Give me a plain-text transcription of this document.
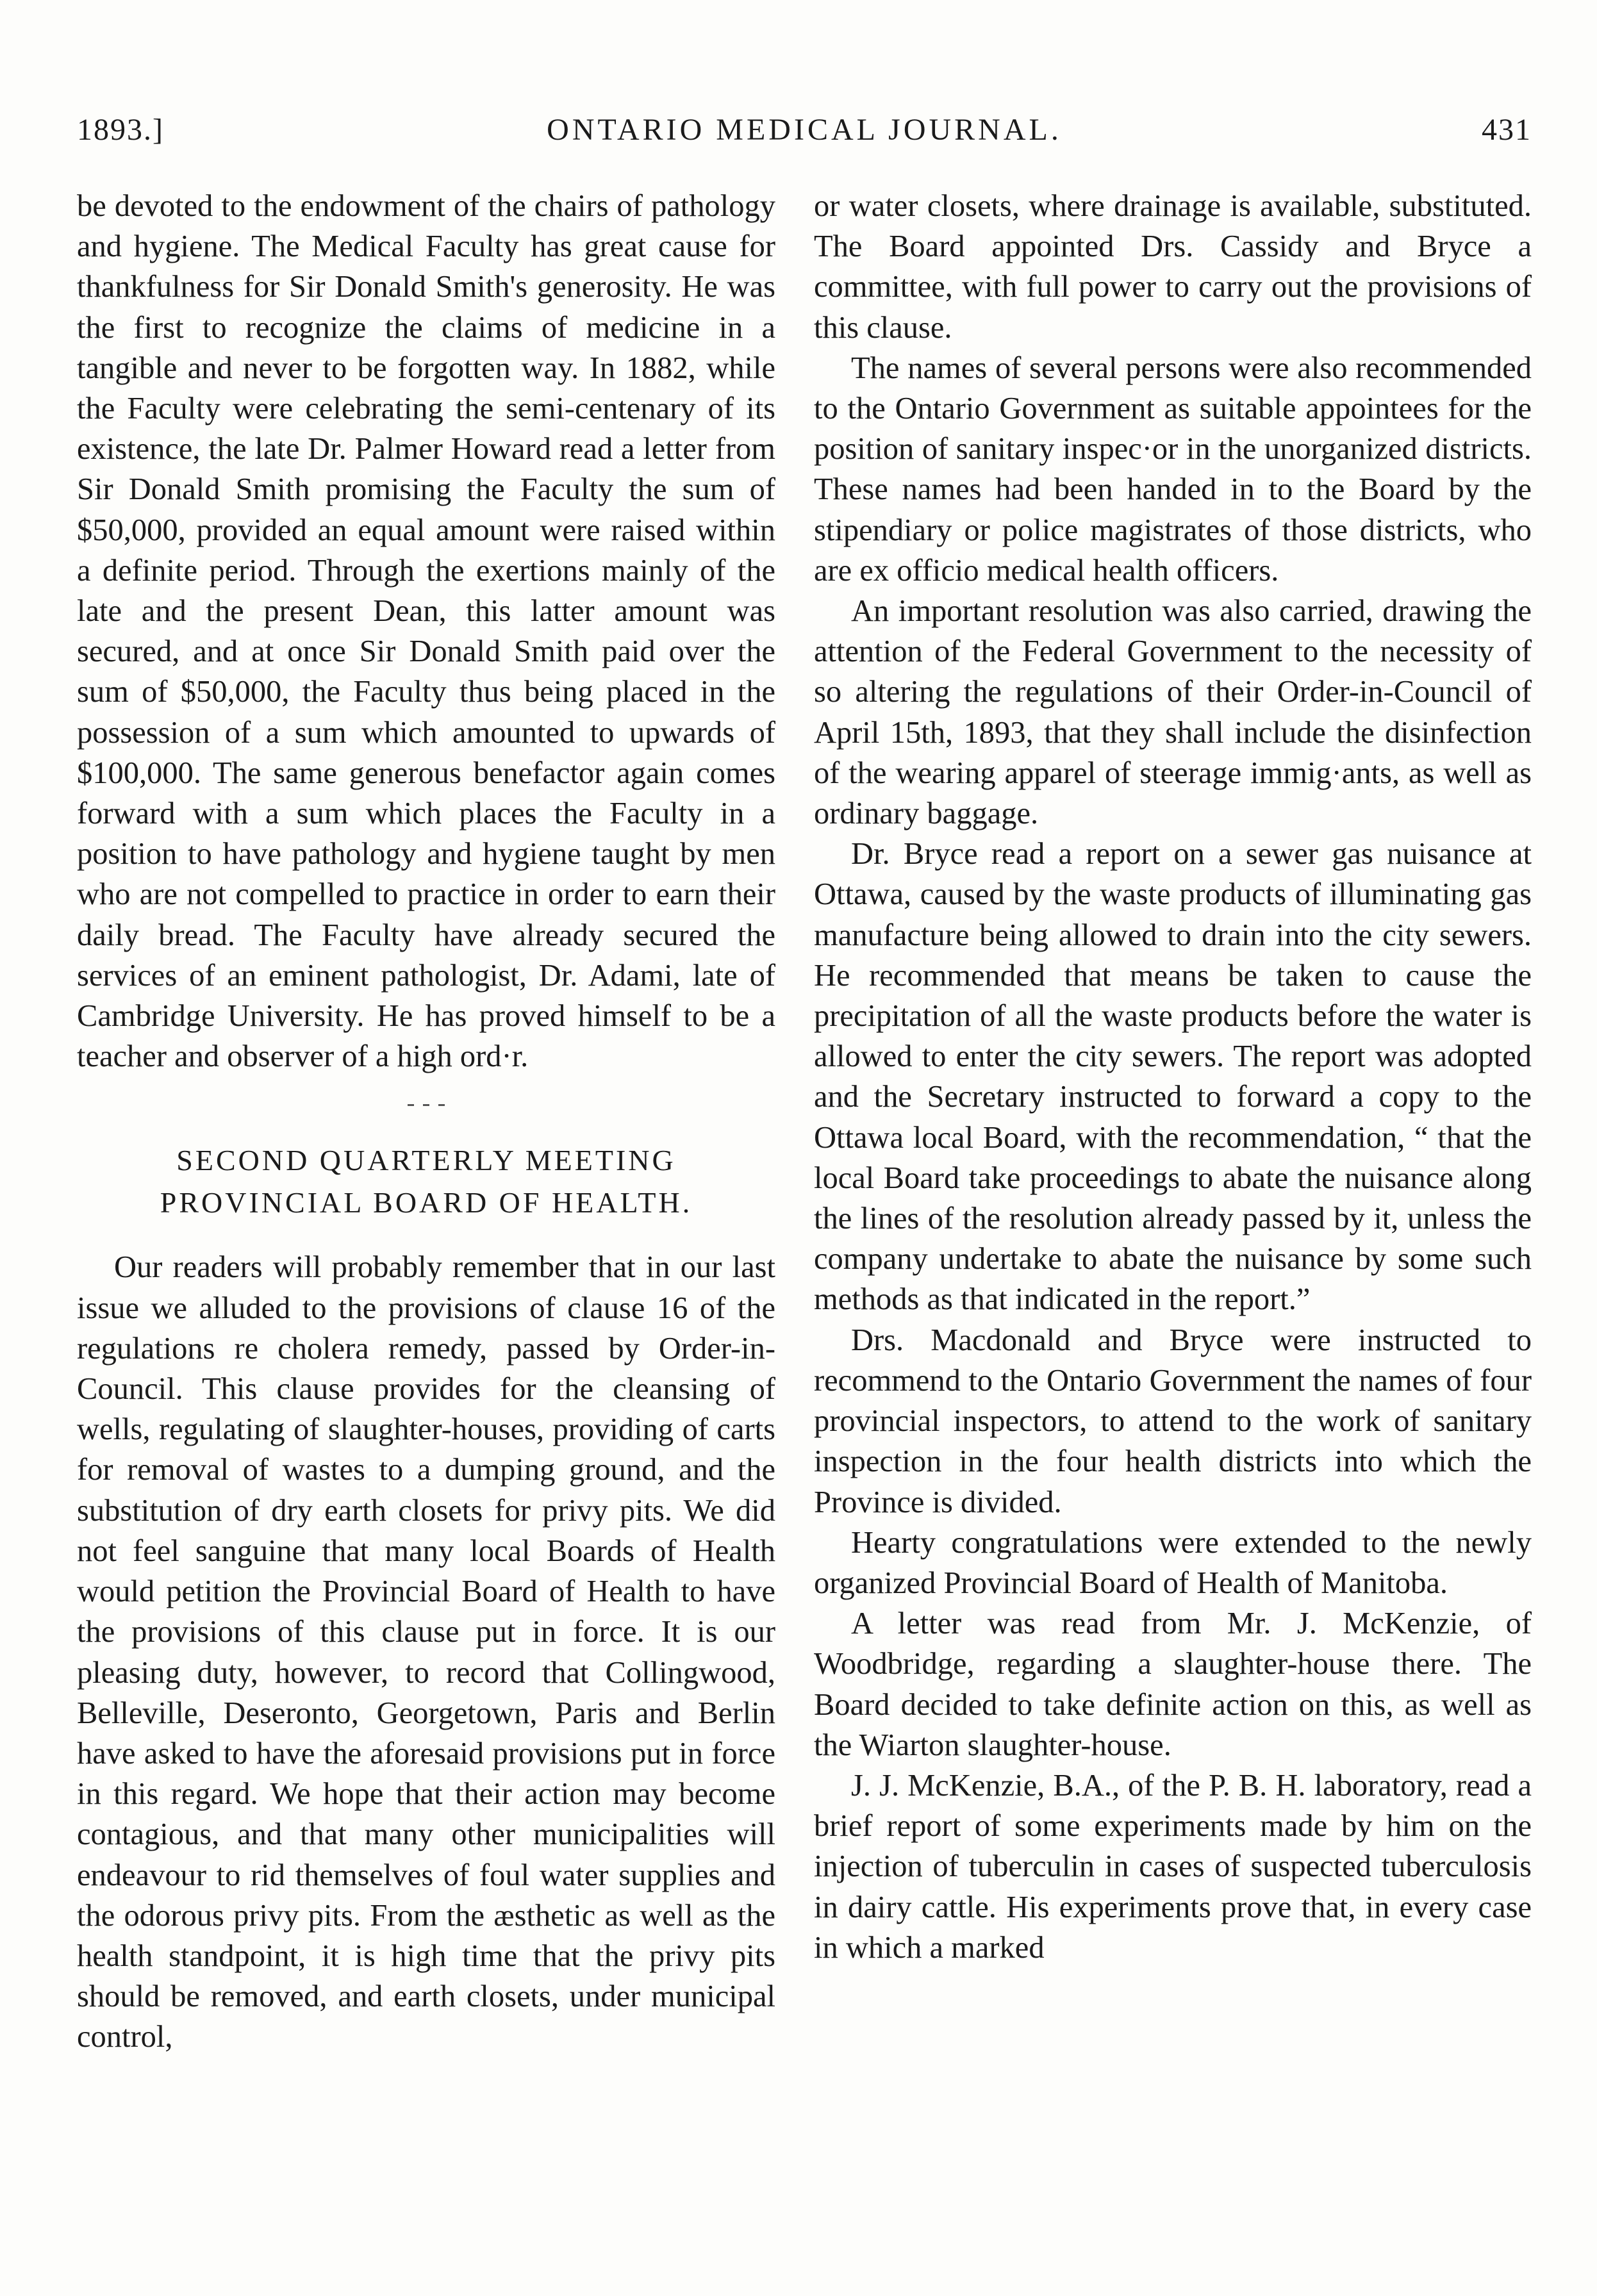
1893.]	ONTARIO MEDICAL JOURNAL.	431

be devoted to the endowment of the chairs of pathology and hygiene. The Medical Faculty has great cause for thankfulness for Sir Donald Smith's generosity. He was the first to recognize the claims of medicine in a tangible and never to be forgotten way. In 1882, while the Faculty were celebrating the semi-centenary of its existence, the late Dr. Palmer Howard read a letter from Sir Donald Smith promising the Faculty the sum of $50,000, provided an equal amount were raised within a definite period. Through the exertions mainly of the late and the present Dean, this latter amount was secured, and at once Sir Donald Smith paid over the sum of $50,000, the Faculty thus being placed in the possession of a sum which amounted to upwards of $100,000. The same generous benefactor again comes forward with a sum which places the Faculty in a position to have pathology and hygiene taught by men who are not compelled to practice in order to earn their daily bread. The Faculty have already secured the services of an eminent pathologist, Dr. Adami, late of Cambridge University. He has proved himself to be a teacher and observer of a high ord·r.

SECOND QUARTERLY MEETING PROVINCIAL BOARD OF HEALTH.

Our readers will probably remember that in our last issue we alluded to the provisions of clause 16 of the regulations re cholera remedy, passed by Order-in-Council. This clause provides for the cleansing of wells, regulating of slaughter-houses, providing of carts for removal of wastes to a dumping ground, and the substitution of dry earth closets for privy pits. We did not feel sanguine that many local Boards of Health would petition the Provincial Board of Health to have the provisions of this clause put in force. It is our pleasing duty, however, to record that Collingwood, Belleville, Deseronto, Georgetown, Paris and Berlin have asked to have the aforesaid provisions put in force in this regard. We hope that their action may become contagious, and that many other municipalities will endeavour to rid themselves of foul water supplies and the odorous privy pits. From the æsthetic as well as the health standpoint, it is high time that the privy pits should be removed, and earth closets, under municipal control,

or water closets, where drainage is available, substituted. The Board appointed Drs. Cassidy and Bryce a committee, with full power to carry out the provisions of this clause.

The names of several persons were also recommended to the Ontario Government as suitable appointees for the position of sanitary inspec·or in the unorganized districts. These names had been handed in to the Board by the stipendiary or police magistrates of those districts, who are ex officio medical health officers.

An important resolution was also carried, drawing the attention of the Federal Government to the necessity of so altering the regulations of their Order-in-Council of April 15th, 1893, that they shall include the disinfection of the wearing apparel of steerage immig·ants, as well as ordinary baggage.

Dr. Bryce read a report on a sewer gas nuisance at Ottawa, caused by the waste products of illuminating gas manufacture being allowed to drain into the city sewers. He recommended that means be taken to cause the precipitation of all the waste products before the water is allowed to enter the city sewers. The report was adopted and the Secretary instructed to forward a copy to the Ottawa local Board, with the recommendation, “ that the local Board take proceedings to abate the nuisance along the lines of the resolution already passed by it, unless the company undertake to abate the nuisance by some such methods as that indicated in the report.”

Drs. Macdonald and Bryce were instructed to recommend to the Ontario Government the names of four provincial inspectors, to attend to the work of sanitary inspection in the four health districts into which the Province is divided.

Hearty congratulations were extended to the newly organized Provincial Board of Health of Manitoba.

A letter was read from Mr. J. McKenzie, of Woodbridge, regarding a slaughter-house there. The Board decided to take definite action on this, as well as the Wiarton slaughter-house.

J. J. McKenzie, B.A., of the P. B. H. laboratory, read a brief report of some experiments made by him on the injection of tuberculin in cases of suspected tuberculosis in dairy cattle. His experiments prove that, in every case in which a marked
